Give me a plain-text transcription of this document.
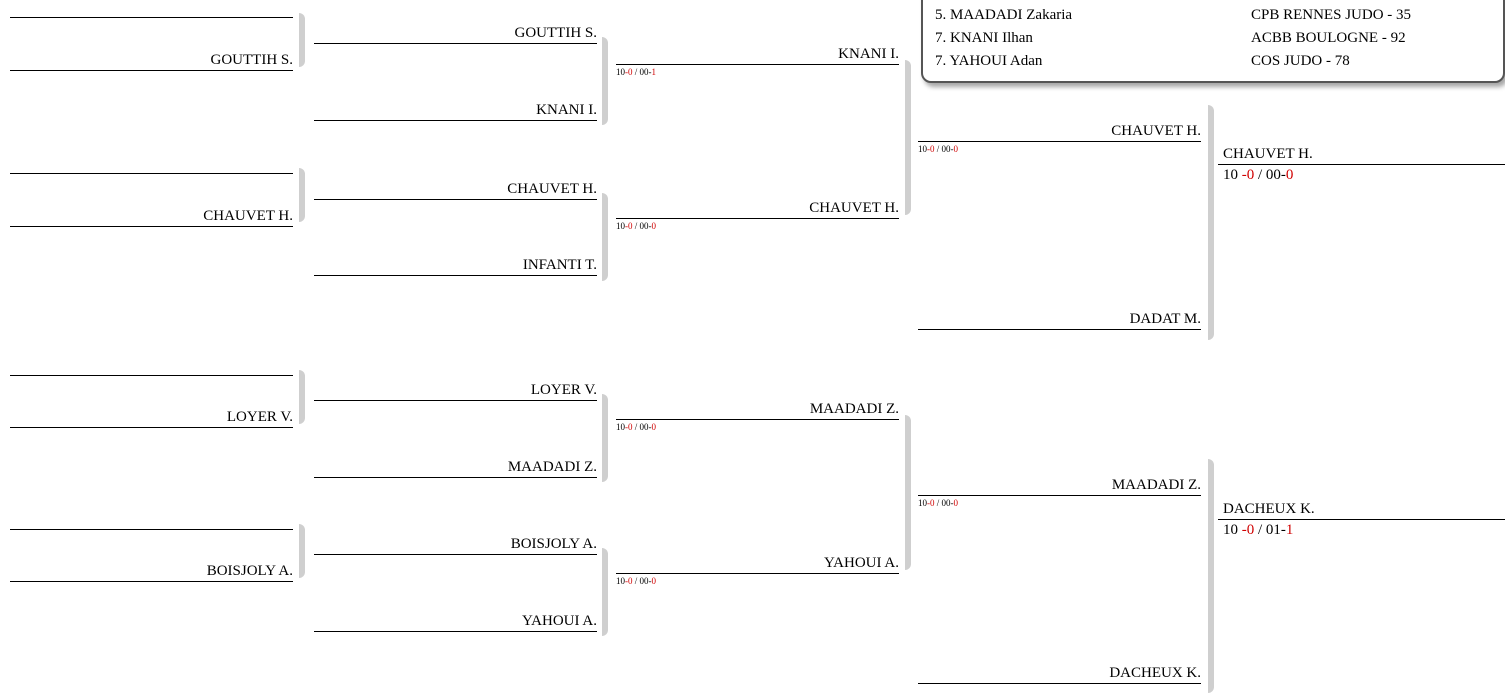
GOUTTIH S.
CHAUVET H.
LOYER V.
BOISJOLY A.
GOUTTIH S.
KNANI I.
CHAUVET H.
INFANTI T.
LOYER V.
MAADADI Z.
BOISJOLY A.
YAHOUI A.
KNANI I.
10-0 / 00-1
CHAUVET H.
10-0 / 00-0
MAADADI Z.
10-0 / 00-0
YAHOUI A.
10-0 / 00-0
CHAUVET H.
10-0 / 00-0
DADAT M.
MAADADI Z.
10-0 / 00-0
DACHEUX K.
CHAUVET H.
10 -0 / 00-0
DACHEUX K.
10 -0 / 01-1
5. MAADADI Zakaria	CPB RENNES JUDO - 35
7. KNANI Ilhan	ACBB BOULOGNE - 92
7. YAHOUI Adan	COS JUDO - 78
